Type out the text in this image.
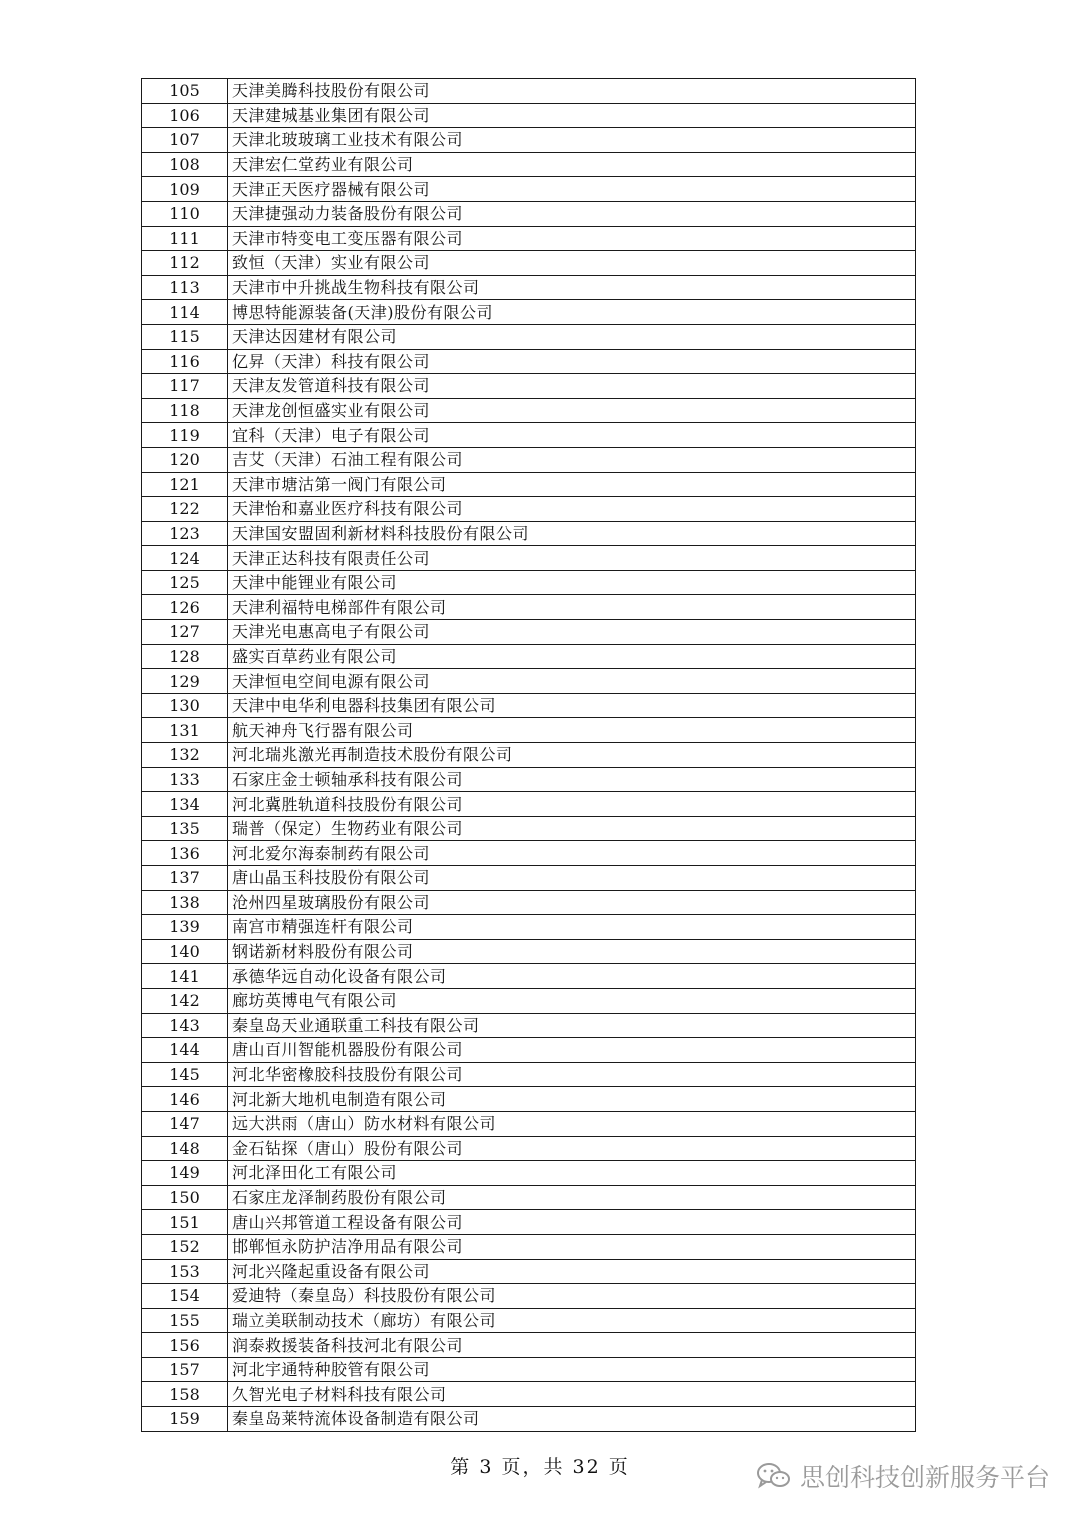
105	天津美腾科技股份有限公司
106	天津建城基业集团有限公司
107	天津北玻玻璃工业技术有限公司
108	天津宏仁堂药业有限公司
109	天津正天医疗器械有限公司
110	天津捷强动力装备股份有限公司
111	天津市特变电工变压器有限公司
112	致恒（天津）实业有限公司
113	天津市中升挑战生物科技有限公司
114	博思特能源装备(天津)股份有限公司
115	天津达因建材有限公司
116	亿昇（天津）科技有限公司
117	天津友发管道科技有限公司
118	天津龙创恒盛实业有限公司
119	宜科（天津）电子有限公司
120	吉艾（天津）石油工程有限公司
121	天津市塘沽第一阀门有限公司
122	天津怡和嘉业医疗科技有限公司
123	天津国安盟固利新材料科技股份有限公司
124	天津正达科技有限责任公司
125	天津中能锂业有限公司
126	天津利福特电梯部件有限公司
127	天津光电惠高电子有限公司
128	盛实百草药业有限公司
129	天津恒电空间电源有限公司
130	天津中电华利电器科技集团有限公司
131	航天神舟飞行器有限公司
132	河北瑞兆激光再制造技术股份有限公司
133	石家庄金士顿轴承科技有限公司
134	河北冀胜轨道科技股份有限公司
135	瑞普（保定）生物药业有限公司
136	河北爱尔海泰制药有限公司
137	唐山晶玉科技股份有限公司
138	沧州四星玻璃股份有限公司
139	南宫市精强连杆有限公司
140	钢诺新材料股份有限公司
141	承德华远自动化设备有限公司
142	廊坊英博电气有限公司
143	秦皇岛天业通联重工科技有限公司
144	唐山百川智能机器股份有限公司
145	河北华密橡胶科技股份有限公司
146	河北新大地机电制造有限公司
147	远大洪雨（唐山）防水材料有限公司
148	金石钻探（唐山）股份有限公司
149	河北泽田化工有限公司
150	石家庄龙泽制药股份有限公司
151	唐山兴邦管道工程设备有限公司
152	邯郸恒永防护洁净用品有限公司
153	河北兴隆起重设备有限公司
154	爱迪特（秦皇岛）科技股份有限公司
155	瑞立美联制动技术（廊坊）有限公司
156	润泰救援装备科技河北有限公司
157	河北宇通特种胶管有限公司
158	久智光电子材料科技有限公司
159	秦皇岛莱特流体设备制造有限公司
第 3 页，共 32 页	思创科技创新服务平台
